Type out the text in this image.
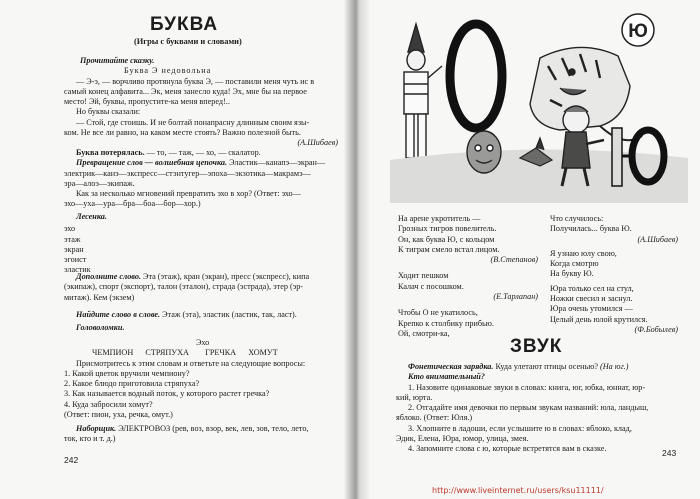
БУКВА
(Игры с буквами и словами)

Прочитайте сказку.

Буква Э недовольна

— Э-э, — ворчливо протянула буква Э, — поставили меня чуть ис в

самый конец алфавита... Эк, меня занесло куда! Эх, мне бы на первое

место! Эй, буквы, пропустите-ка меня вперед!..

Но буквы сказали:

— Стой, где стоишь. И не болтай понапрасну длинным своим язы-

ком. Не все ли равно, на каком месте стоять? Важно полезной быть.

(А.Шибаев)

Буква потерялась. — то, — таж, — хо, — скалатор.

Превращение слов — волшебная цепочка. Эластик—канапэ—экран—

электрик—канэ—экспресс—стэнтугер—эпоха—экзотика—макрамэ—

эра—алоэ—экипаж.

Как за несколько мгновений превратить эхо в хор? (Ответ: эхо—

эхо—уха—ура—бра—боа—бор—хор.)

Лесенка.

эхо

этаж

экран

эгоист

эластик

Дополните слово. Эта (этаж), кран (экран), пресс (экспресс), кипа

(экипаж), спорт (экспорт), талон (эталон), страда (эстрада), этер (эр-

митаж). Кем (экзем)

Найдите слово в слове. Этаж (эта), эластик (ластик, так, ласт).

Головоломки.

Эхо

ЧЕМПИОН СТРЯПУХА ГРЕЧКА ХОМУТ

Присмотритесь к этим словам и ответьте на следующие вопросы:

1. Какой цветок вручили чемпиону?

2. Какое блюдо приготовила стряпуха?

3. Как называется водный поток, у которого растет гречка?

4. Куда забросили хомут?

(Ответ: пион, уха, речка, омут.)

Наборщик. ЭЛЕКТРОВОЗ (рев, воз, взор, век, лев, зов, тело, лето,

ток, кто и т. д.)

242
Ю

На арене укротитель —

Грозных тигров повелитель.

Он, как буква Ю, с кольцом

К тиграм смело встал лицом.

(В.Степанов)

Ходит пешком

Калач с посошком.

(Е.Тарлапан)

Чтобы О не укатилось,

Крепко к столбику прибью.

Ой, смотри-ка,

Что случилось:

Получилась... буква Ю.

(А.Шибаев)

Я узнаю юлу свою,

Когда смотрю

На букву Ю.

Юра только сел на стул,

Ножки свесил и заснул.

Юра очень утомился —

Целый день юлой крутился.

(Ф.Бобылев)

ЗВУК

Фонетическая зарядка. Куда улетают птицы осенью? (На юг.)

Кто внимательный?

1. Назовите одинаковые звуки в словах: книга, юг, юбка, юннат, юр-

кий, юрта.

2. Отгадайте имя девочки по первым звукам названий: юла, ландыш,

яблоко. (Ответ: Юля.)

3. Хлопните в ладоши, если услышите ю в словах: яблоко, клад,

Эдик, Елена, Юра, юмор, улица, змея.

4. Запомните слова с ю, которые встретятся вам в сказке.	243
http://www.liveinternet.ru/users/ksu11111/
